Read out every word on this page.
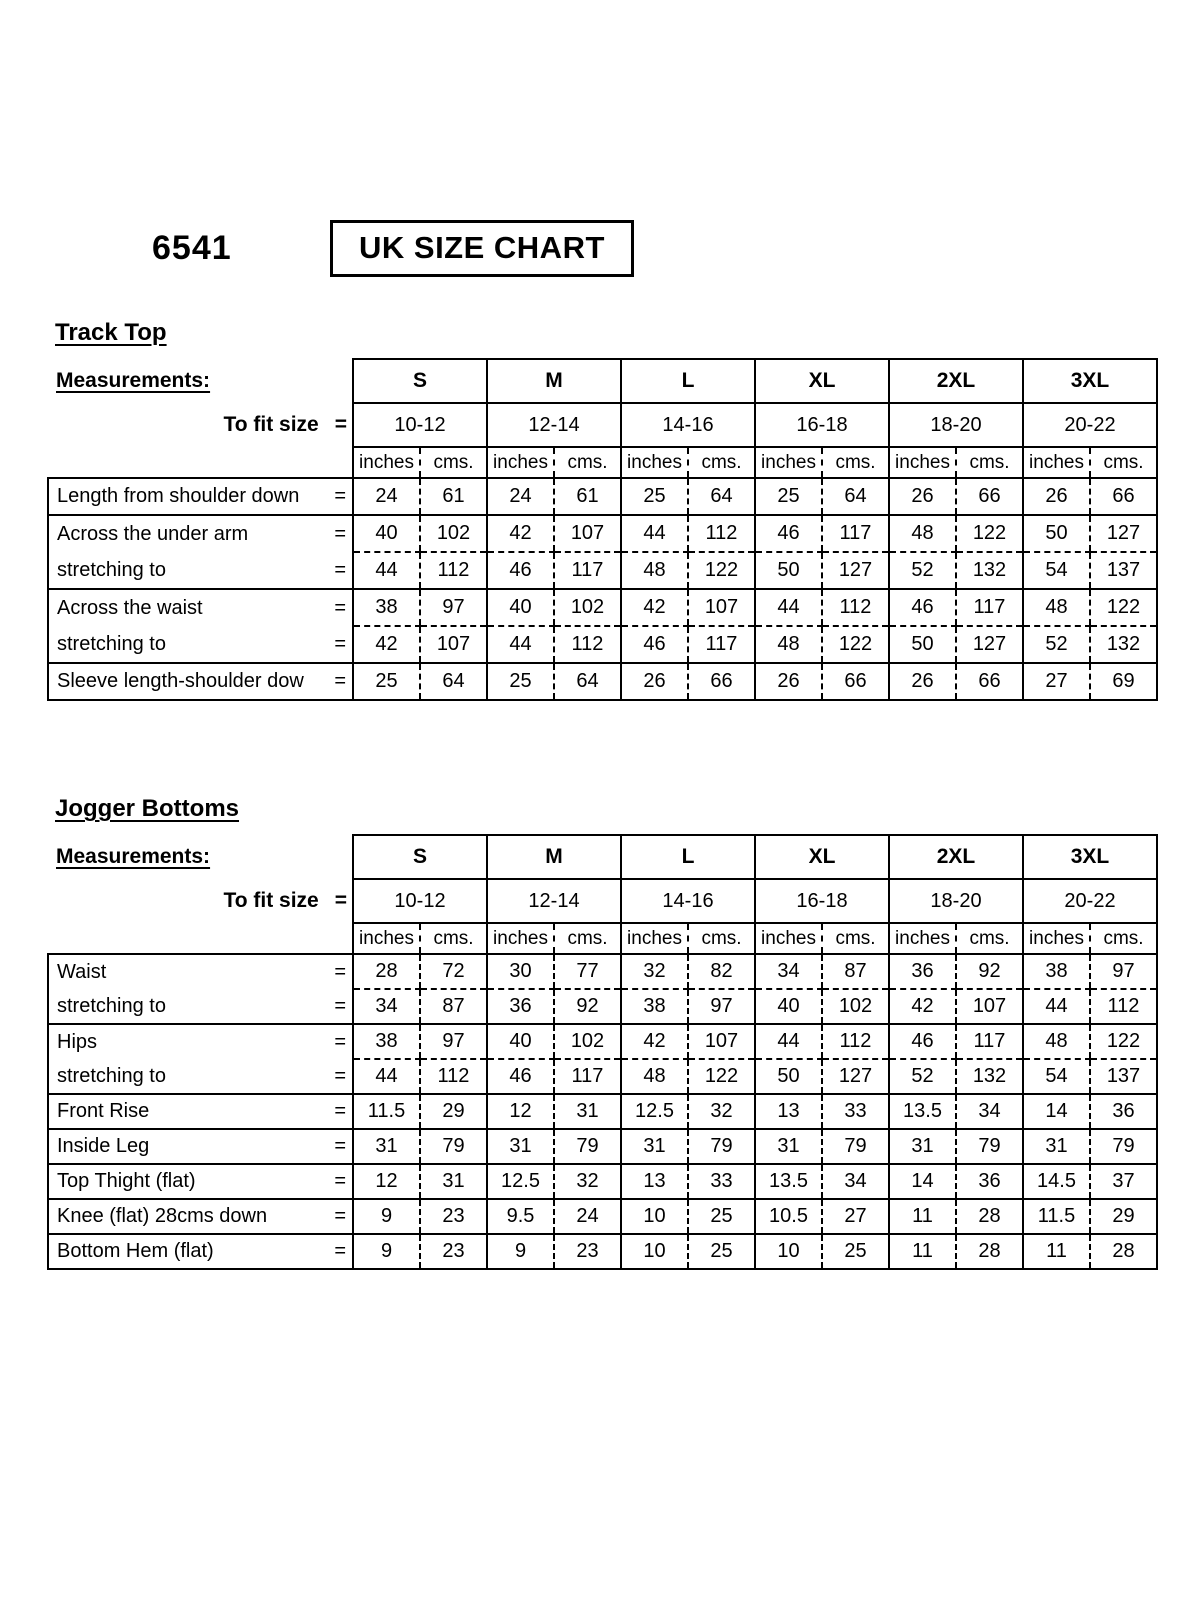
6541	UK SIZE CHART
Track Top
Measurements:	S		M		L		XL		2XL		3XL	

To fit size =	10-12		12-14		14-16		16-18		18-20		20-22	
	inches	cms.	inches	cms.	inches	cms.	inches	cms.	inches	cms.	inches	cms.

Length from shoulder down =	24	61	24	61	25	64	25	64	26	66	26	66

Across the under arm =	40	102	42	107	44	112	46	117	48	122	50	127

stretching to =	44	112	46	117	48	122	50	127	52	132	54	137

Across the waist =	38	97	40	102	42	107	44	112	46	117	48	122

stretching to =	42	107	44	112	46	117	48	122	50	127	52	132

Sleeve length-shoulder dow =	25	64	25	64	26	66	26	66	26	66	27	69
Jogger Bottoms
Measurements:	S		M		L		XL		2XL		3XL	

To fit size =	10-12		12-14		14-16		16-18		18-20		20-22	
	inches	cms.	inches	cms.	inches	cms.	inches	cms.	inches	cms.	inches	cms.

Waist =	28	72	30	77	32	82	34	87	36	92	38	97

stretching to =	34	87	36	92	38	97	40	102	42	107	44	112

Hips =	38	97	40	102	42	107	44	112	46	117	48	122

stretching to =	44	112	46	117	48	122	50	127	52	132	54	137

Front Rise =	11.5	29	12	31	12.5	32	13	33	13.5	34	14	36

Inside Leg =	31	79	31	79	31	79	31	79	31	79	31	79

Top Thight (flat) =	12	31	12.5	32	13	33	13.5	34	14	36	14.5	37

Knee (flat) 28cms down =	9	23	9.5	24	10	25	10.5	27	11	28	11.5	29

Bottom Hem (flat) =	9	23	9	23	10	25	10	25	11	28	11	28
